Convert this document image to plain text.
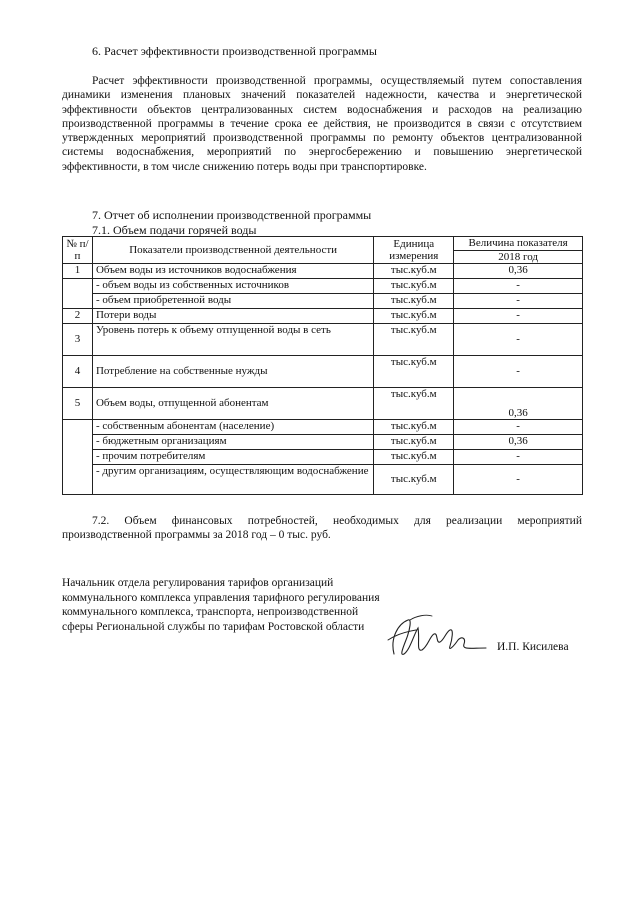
6. Расчет эффективности производственной программы
Расчет эффективности производственной программы, осуществляемый путем сопоставления динамики изменения плановых значений показателей надежности, качества и энергетической эффективности объектов централизованных систем водоснабжения и расходов на реализацию производственной программы в течение срока ее действия, не производится в связи с отсутствием утвержденных мероприятий производственной программы по ремонту объектов централизованной системы водоснабжения, мероприятий по энергосбережению и повышению энергетической эффективности, в том числе снижению потерь воды при транспортировке.
7. Отчет об исполнении производственной программы
7.1. Объем подачи горячей воды
№ п/п	Показатели производственной деятельности	Единица измерения	Величина показателя
			2018 год
1	Объем воды из источников водоснабжения	тыс.куб.м	0,36
	- объем воды из собственных источников	тыс.куб.м	-
	- объем приобретенной воды	тыс.куб.м	-
2	Потери воды	тыс.куб.м	-
3	Уровень потерь к объему отпущенной воды в сеть	тыс.куб.м	-
4	Потребление на собственные нужды	тыс.куб.м	-
5	Объем воды, отпущенной абонентам	тыс.куб.м	0,36
	- собственным абонентам (население)	тыс.куб.м	-
	- бюджетным организациям	тыс.куб.м	0,36
	- прочим потребителям	тыс.куб.м	-
	- другим организациям, осуществляющим водоснабжение	тыс.куб.м	-
7.2. Объем финансовых потребностей, необходимых для реализации мероприятий производственной программы за 2018 год – 0 тыс. руб.
Начальник отдела регулирования тарифов организаций коммунального комплекса управления тарифного регулирования коммунального комплекса, транспорта, непроизводственной сферы Региональной службы по тарифам Ростовской области
И.П. Кисилева
